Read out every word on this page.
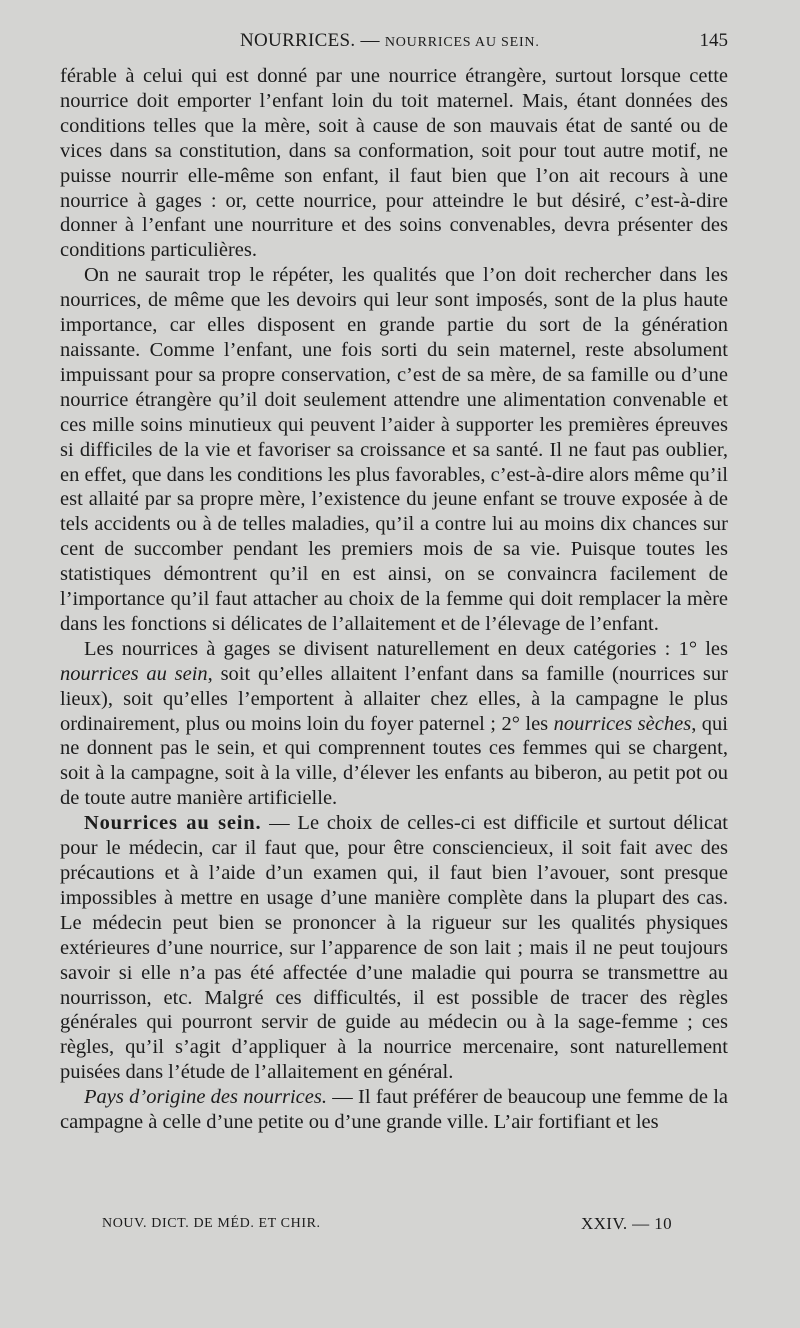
NOURRICES. — NOURRICES AU SEIN.	145

férable à celui qui est donné par une nourrice étrangère, surtout lorsque cette nourrice doit emporter l’enfant loin du toit maternel. Mais, étant données des conditions telles que la mère, soit à cause de son mauvais état de santé ou de vices dans sa constitution, dans sa conformation, soit pour tout autre motif, ne puisse nourrir elle-même son enfant, il faut bien que l’on ait recours à une nourrice à gages : or, cette nourrice, pour atteindre le but désiré, c’est-à-dire donner à l’enfant une nourriture et des soins convenables, devra présenter des conditions particulières.

On ne saurait trop le répéter, les qualités que l’on doit rechercher dans les nourrices, de même que les devoirs qui leur sont imposés, sont de la plus haute importance, car elles disposent en grande partie du sort de la génération naissante. Comme l’enfant, une fois sorti du sein maternel, reste absolument impuissant pour sa propre conservation, c’est de sa mère, de sa famille ou d’une nourrice étrangère qu’il doit seulement attendre une alimentation convenable et ces mille soins minutieux qui peuvent l’aider à supporter les premières épreuves si difficiles de la vie et favoriser sa croissance et sa santé. Il ne faut pas oublier, en effet, que dans les conditions les plus favorables, c’est-à-dire alors même qu’il est allaité par sa propre mère, l’existence du jeune enfant se trouve exposée à de tels accidents ou à de telles maladies, qu’il a contre lui au moins dix chances sur cent de succomber pendant les premiers mois de sa vie. Puisque toutes les statistiques démontrent qu’il en est ainsi, on se convaincra facilement de l’importance qu’il faut attacher au choix de la femme qui doit remplacer la mère dans les fonctions si délicates de l’allaitement et de l’élevage de l’enfant.

Les nourrices à gages se divisent naturellement en deux catégories : 1° les nourrices au sein, soit qu’elles allaitent l’enfant dans sa famille (nourrices sur lieux), soit qu’elles l’emportent à allaiter chez elles, à la campagne le plus ordinairement, plus ou moins loin du foyer paternel ; 2° les nourrices sèches, qui ne donnent pas le sein, et qui comprennent toutes ces femmes qui se chargent, soit à la campagne, soit à la ville, d’élever les enfants au biberon, au petit pot ou de toute autre manière artificielle.

Nourrices au sein. — Le choix de celles-ci est difficile et surtout délicat pour le médecin, car il faut que, pour être consciencieux, il soit fait avec des précautions et à l’aide d’un examen qui, il faut bien l’avouer, sont presque impossibles à mettre en usage d’une manière complète dans la plupart des cas. Le médecin peut bien se prononcer à la rigueur sur les qualités physiques extérieures d’une nourrice, sur l’apparence de son lait ; mais il ne peut toujours savoir si elle n’a pas été affectée d’une maladie qui pourra se transmettre au nourrisson, etc. Malgré ces difficultés, il est possible de tracer des règles générales qui pourront servir de guide au médecin ou à la sage-femme ; ces règles, qu’il s’agit d’appliquer à la nourrice mercenaire, sont naturellement puisées dans l’étude de l’allaitement en général.

Pays d’origine des nourrices. — Il faut préférer de beaucoup une femme de la campagne à celle d’une petite ou d’une grande ville. L’air fortifiant et les

NOUV. DICT. DE MÉD. ET CHIR.	XXIV. — 10
